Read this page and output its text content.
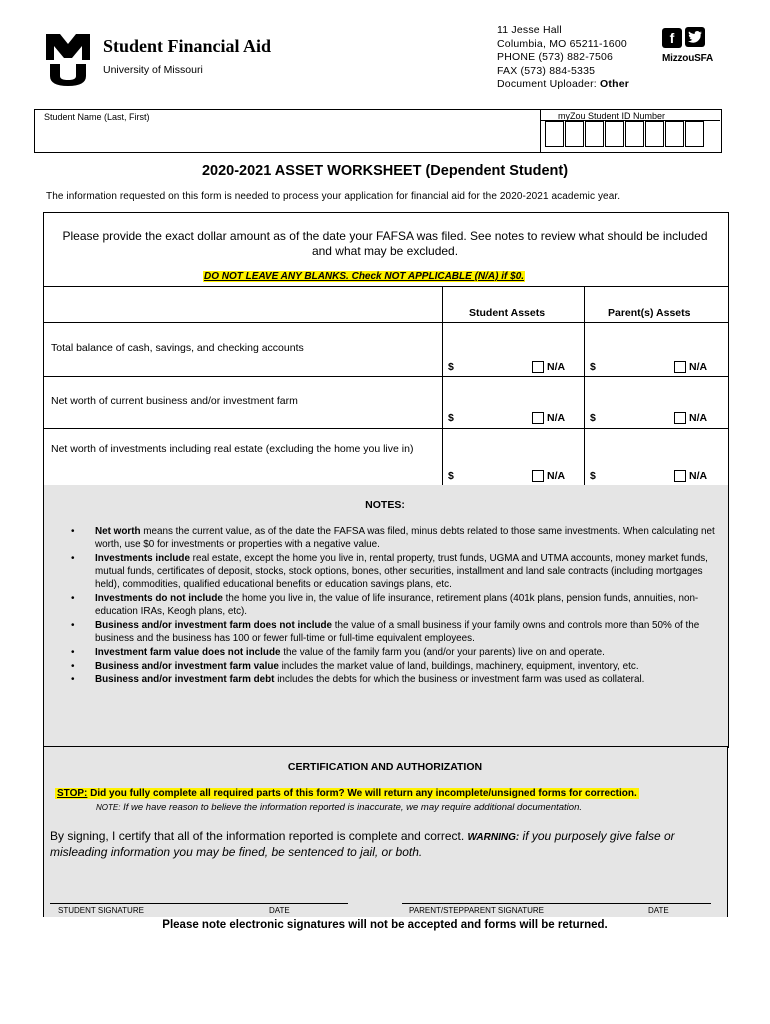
Student Financial Aid
University of Missouri
11 Jesse Hall
Columbia, MO 65211-1600
PHONE (573) 882-7506
FAX (573) 884-5335
Document Uploader: Other
f
MizzouSFA
Student Name (Last, First)	myZou Student ID Number
2020-2021 ASSET WORKSHEET (Dependent Student)
The information requested on this form is needed to process your application for financial aid for the 2020-2021 academic year.
Please provide the exact dollar amount as of the date your FAFSA was filed. See notes to review what should be included and what may be excluded.
DO NOT LEAVE ANY BLANKS. Check NOT APPLICABLE (N/A) if $0.
Student Assets	Parent(s) Assets
Total balance of cash, savings, and checking accounts
$	N/A $	N/A
Net worth of current business and/or investment farm
$	N/A $	N/A
Net worth of investments including real estate (excluding the home you live in)
$	N/A $	N/A
NOTES:
• Net worth means the current value, as of the date the FAFSA was filed, minus debts related to those same investments. When calculating net worth, use $0 for investments or properties with a negative value.
• Investments include real estate, except the home you live in, rental property, trust funds, UGMA and UTMA accounts, money market funds, mutual funds, certificates of deposit, stocks, stock options, bones, other securities, installment and land sale contracts (including mortgages held), commodities, qualified educational benefits or education savings plans, etc.
• Investments do not include the home you live in, the value of life insurance, retirement plans (401k plans, pension funds, annuities, non-education IRAs, Keogh plans, etc).
• Business and/or investment farm does not include the value of a small business if your family owns and controls more than 50% of the business and the business has 100 or fewer full-time or full-time equivalent employees.
• Investment farm value does not include the value of the family farm you (and/or your parents) live on and operate.
• Business and/or investment farm value includes the market value of land, buildings, machinery, equipment, inventory, etc.
• Business and/or investment farm debt includes the debts for which the business or investment farm was used as collateral.
CERTIFICATION AND AUTHORIZATION
STOP: Did you fully complete all required parts of this form? We will return any incomplete/unsigned forms for correction.
NOTE: If we have reason to believe the information reported is inaccurate, we may require additional documentation.
By signing, I certify that all of the information reported is complete and correct. WARNING: if you purposely give false or misleading information you may be fined, be sentenced to jail, or both.
STUDENT SIGNATURE	DATE	PARENT/STEPPARENT SIGNATURE	DATE
Please note electronic signatures will not be accepted and forms will be returned.
